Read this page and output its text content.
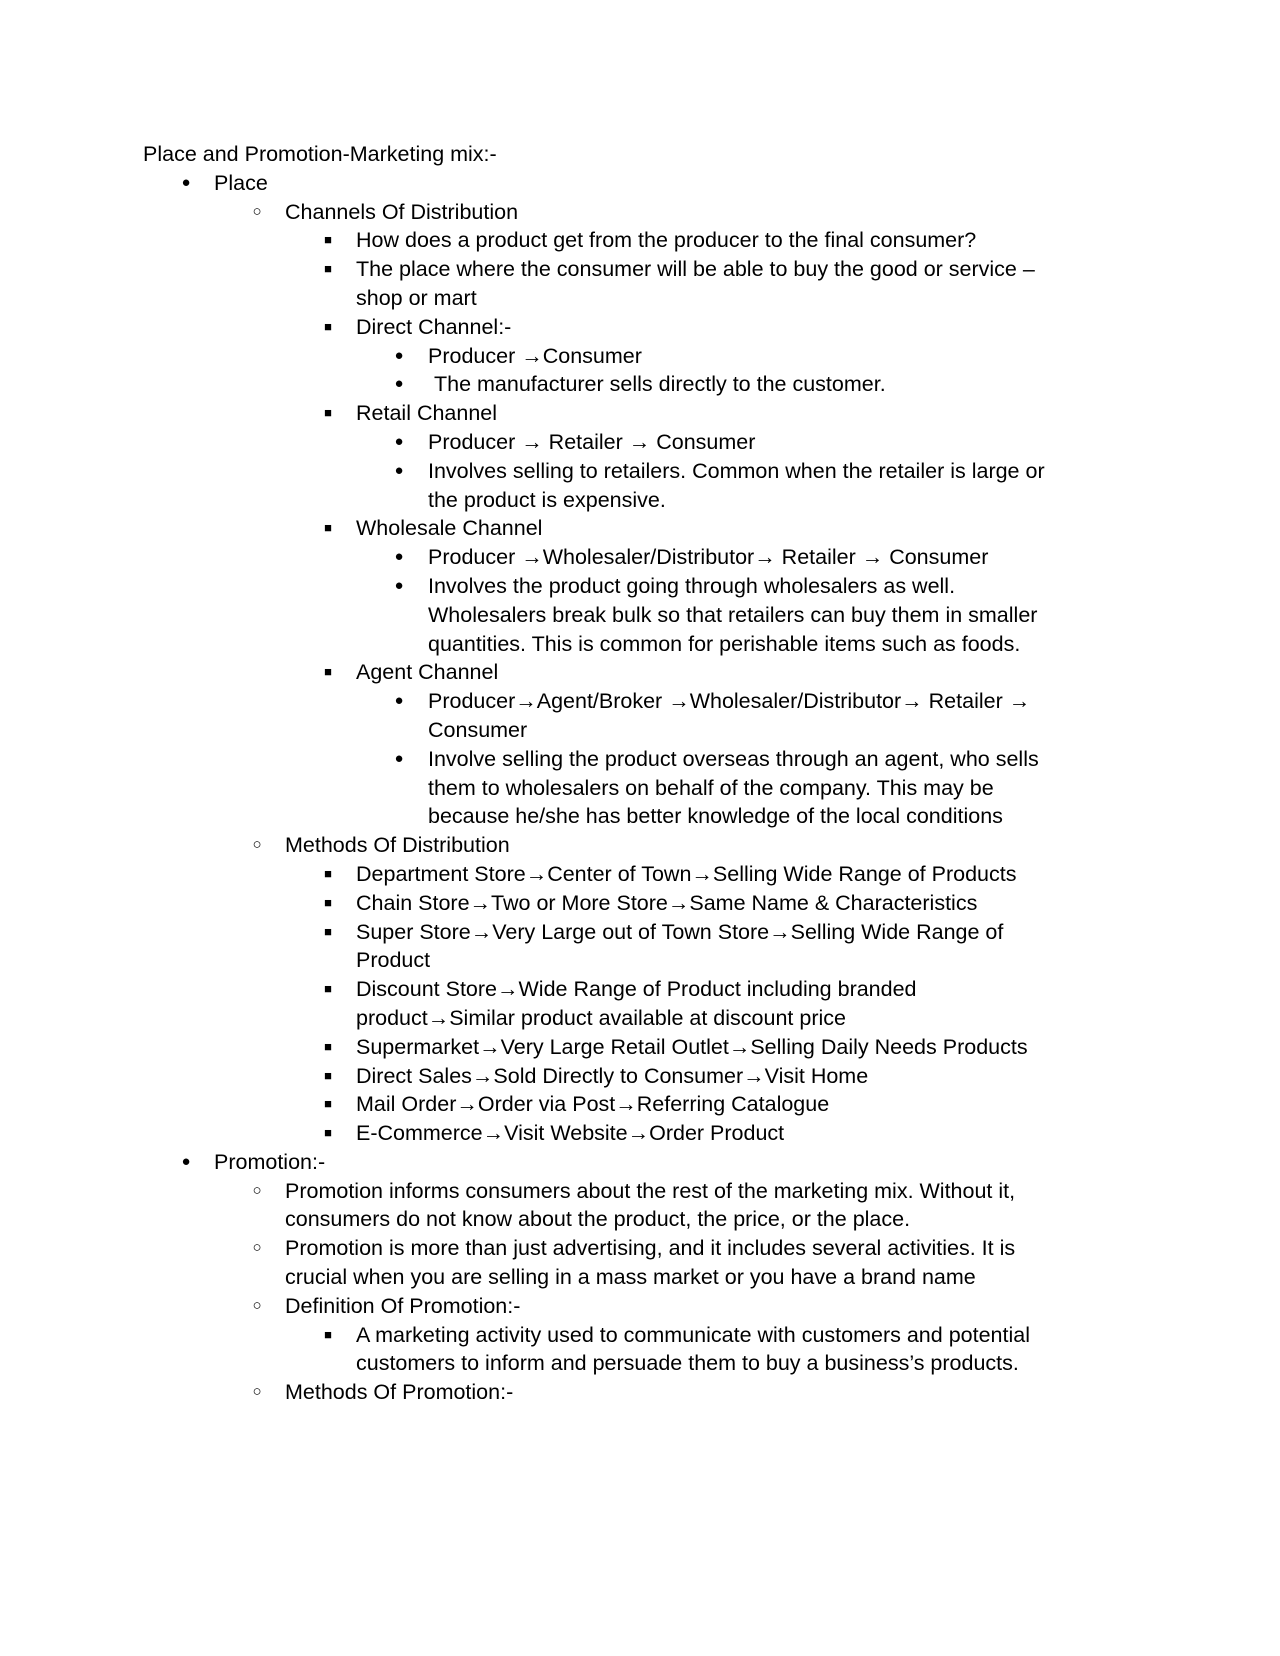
Place and Promotion-Marketing mix:-
● Place
○ Channels Of Distribution
■ How does a product get from the producer to the final consumer?
■ The place where the consumer will be able to buy the good or service – shop or mart
■ Direct Channel:-
● Producer →Consumer
● The manufacturer sells directly to the customer.
■ Retail Channel
● Producer → Retailer → Consumer
● Involves selling to retailers. Common when the retailer is large or the product is expensive.
■ Wholesale Channel
● Producer →Wholesaler/Distributor→ Retailer → Consumer
● Involves the product going through wholesalers as well. Wholesalers break bulk so that retailers can buy them in smaller quantities. This is common for perishable items such as foods.
■ Agent Channel
● Producer→Agent/Broker →Wholesaler/Distributor→ Retailer → Consumer
● Involve selling the product overseas through an agent, who sells them to wholesalers on behalf of the company. This may be because he/she has better knowledge of the local conditions
○ Methods Of Distribution
■ Department Store→Center of Town→Selling Wide Range of Products
■ Chain Store→Two or More Store→Same Name & Characteristics
■ Super Store→Very Large out of Town Store→Selling Wide Range of Product
■ Discount Store→Wide Range of Product including branded product→Similar product available at discount price
■ Supermarket→Very Large Retail Outlet→Selling Daily Needs Products
■ Direct Sales→Sold Directly to Consumer→Visit Home
■ Mail Order→Order via Post→Referring Catalogue
■ E-Commerce→Visit Website→Order Product
● Promotion:-
○ Promotion informs consumers about the rest of the marketing mix. Without it, consumers do not know about the product, the price, or the place.
○ Promotion is more than just advertising, and it includes several activities. It is crucial when you are selling in a mass market or you have a brand name
○ Definition Of Promotion:-
■ A marketing activity used to communicate with customers and potential customers to inform and persuade them to buy a business’s products.
○ Methods Of Promotion:-
